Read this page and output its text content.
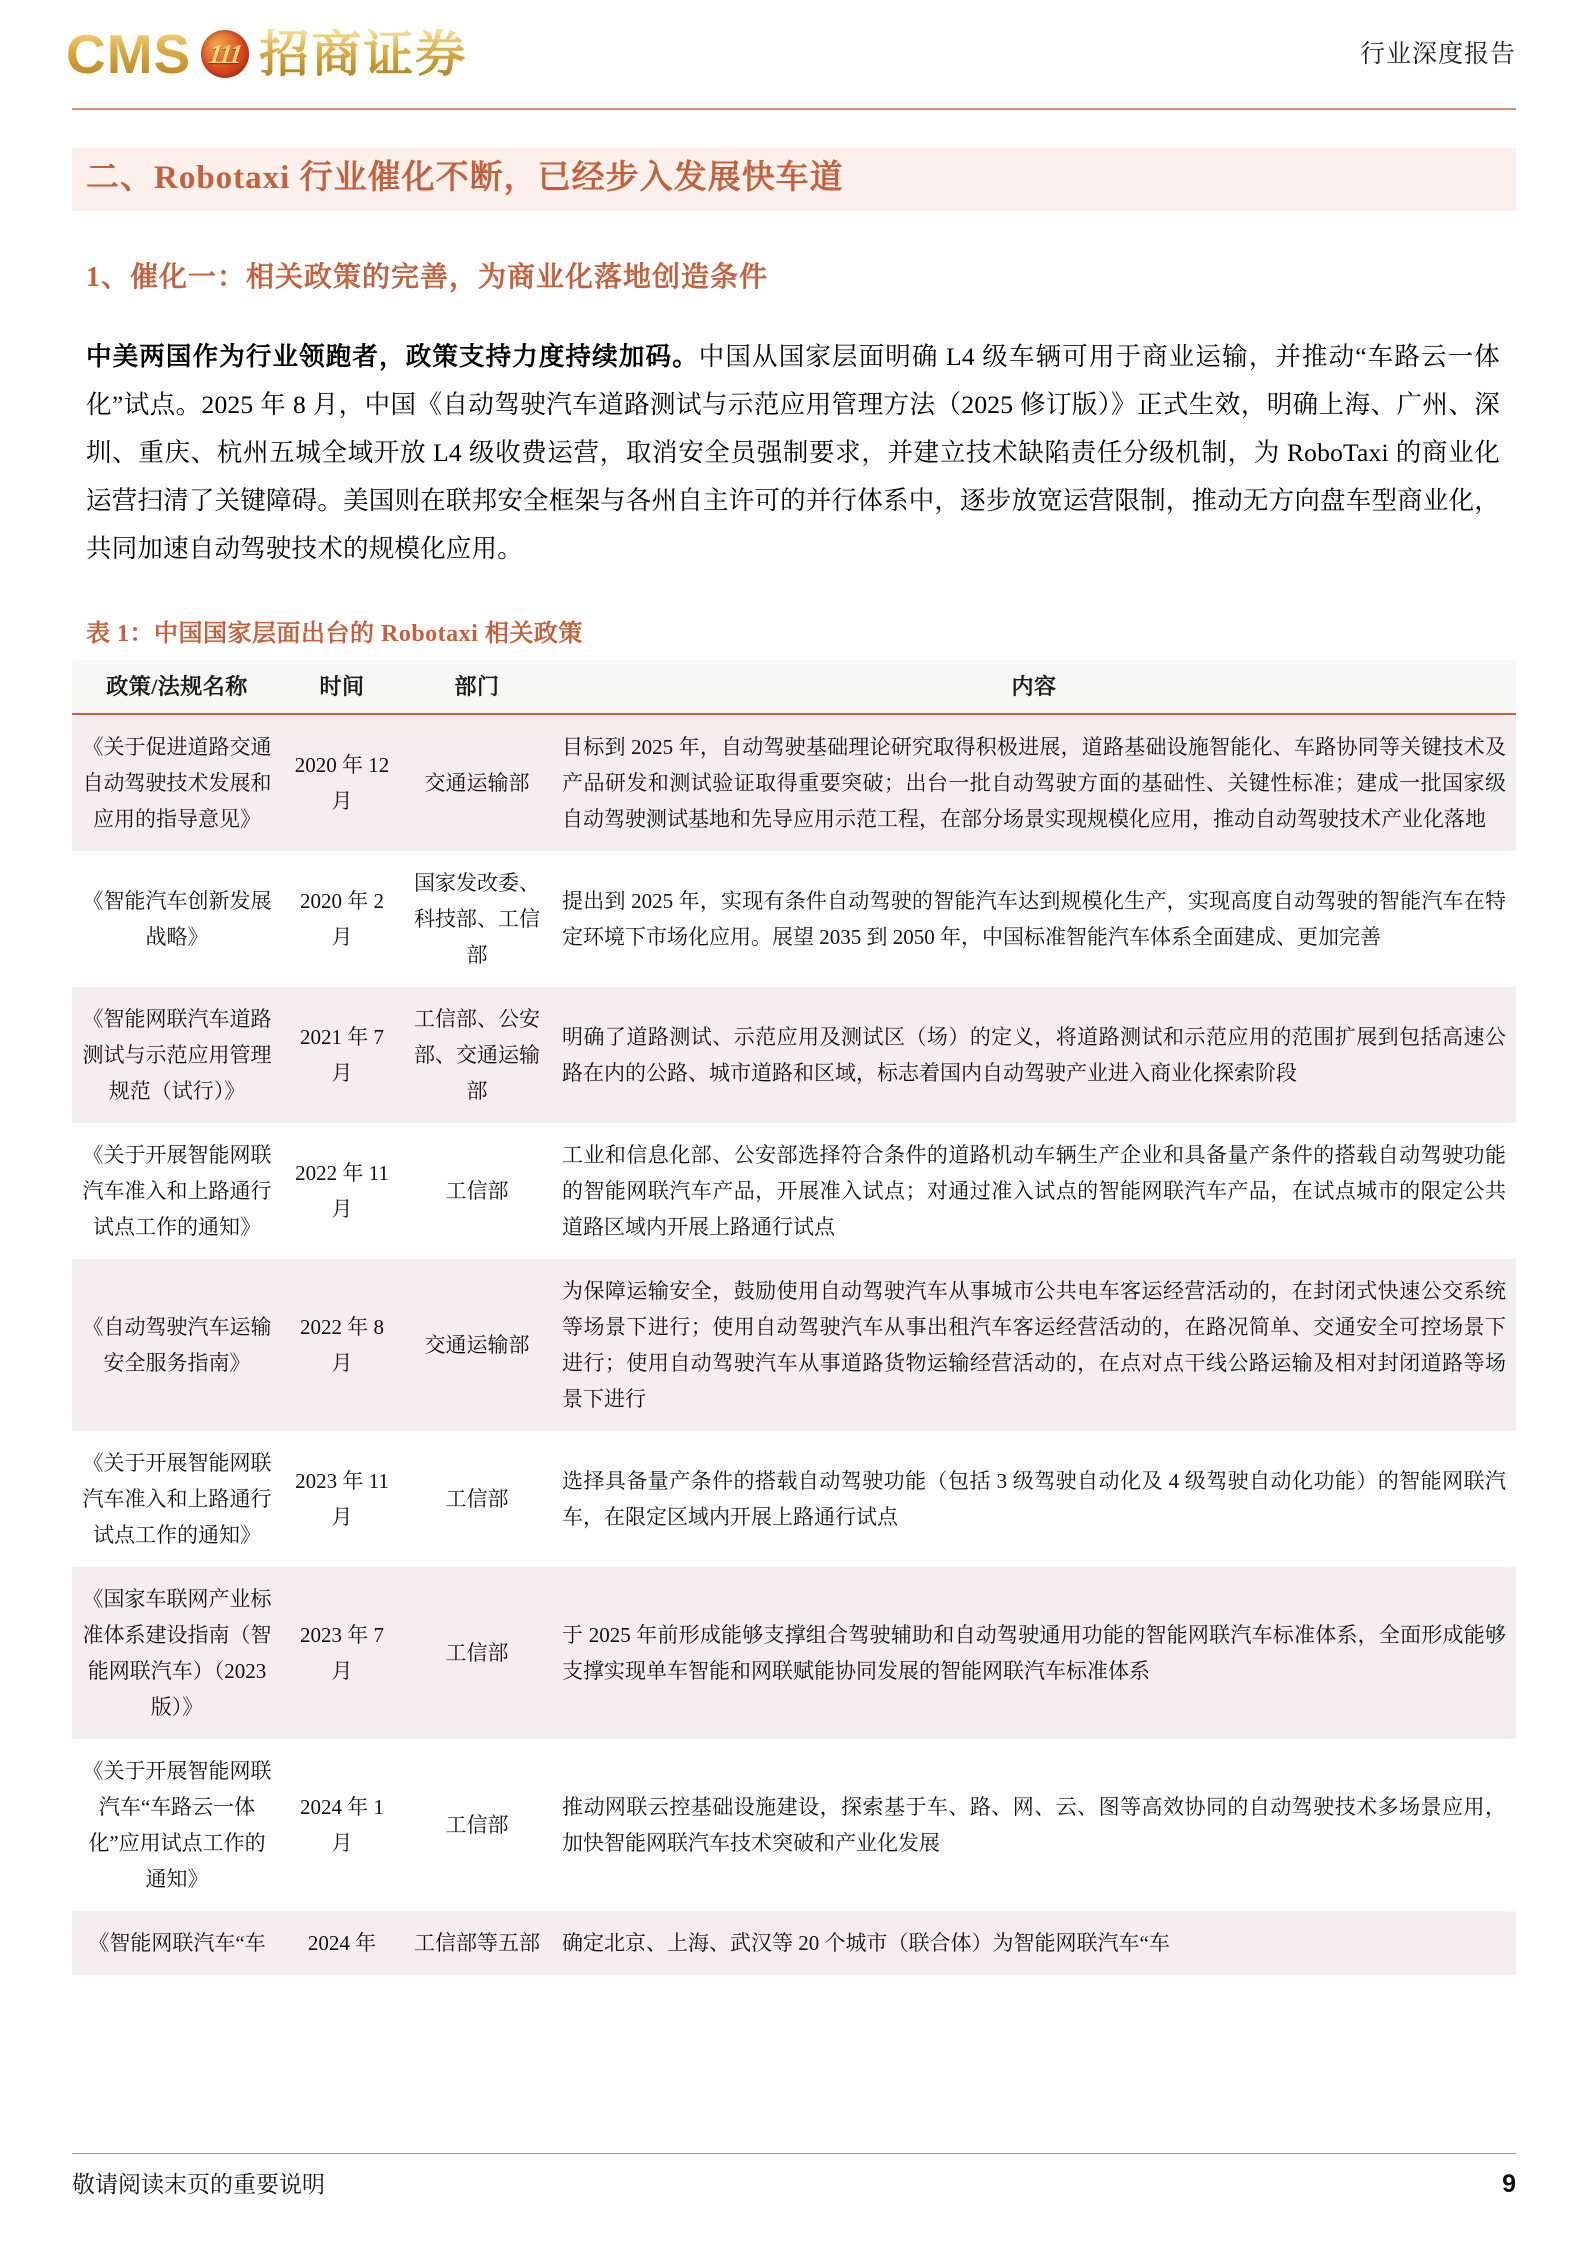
CMS 111 招商证券	行业深度报告
二、Robotaxi 行业催化不断，已经步入发展快车道
1、催化一：相关政策的完善，为商业化落地创造条件

中美两国作为行业领跑者，政策支持力度持续加码。中国从国家层面明确 L4 级车辆可用于商业运输，并推动“车路云一体化”试点。2025 年 8 月，中国《自动驾驶汽车道路测试与示范应用管理方法（2025 修订版）》正式生效，明确上海、广州、深圳、重庆、杭州五城全域开放 L4 级收费运营，取消安全员强制要求，并建立技术缺陷责任分级机制，为 RoboTaxi 的商业化运营扫清了关键障碍。美国则在联邦安全框架与各州自主许可的并行体系中，逐步放宽运营限制，推动无方向盘车型商业化，共同加速自动驾驶技术的规模化应用。

表 1：中国国家层面出台的 Robotaxi 相关政策
政策/法规名称	时间	部门	内容
《关于促进道路交通自动驾驶技术发展和应用的指导意见》	2020 年 12 月	交通运输部	目标到 2025 年，自动驾驶基础理论研究取得积极进展，道路基础设施智能化、车路协同等关键技术及产品研发和测试验证取得重要突破；出台一批自动驾驶方面的基础性、关键性标准；建成一批国家级自动驾驶测试基地和先导应用示范工程，在部分场景实现规模化应用，推动自动驾驶技术产业化落地
《智能汽车创新发展战略》	2020 年 2 月	国家发改委、科技部、工信部	提出到 2025 年，实现有条件自动驾驶的智能汽车达到规模化生产，实现高度自动驾驶的智能汽车在特定环境下市场化应用。展望 2035 到 2050 年，中国标准智能汽车体系全面建成、更加完善
《智能网联汽车道路测试与示范应用管理规范（试行）》	2021 年 7 月	工信部、公安部、交通运输部	明确了道路测试、示范应用及测试区（场）的定义，将道路测试和示范应用的范围扩展到包括高速公路在内的公路、城市道路和区域，标志着国内自动驾驶产业进入商业化探索阶段
《关于开展智能网联汽车准入和上路通行试点工作的通知》	2022 年 11 月	工信部	工业和信息化部、公安部选择符合条件的道路机动车辆生产企业和具备量产条件的搭载自动驾驶功能的智能网联汽车产品，开展准入试点；对通过准入试点的智能网联汽车产品，在试点城市的限定公共道路区域内开展上路通行试点
《自动驾驶汽车运输安全服务指南》	2022 年 8 月	交通运输部	为保障运输安全，鼓励使用自动驾驶汽车从事城市公共电车客运经营活动的，在封闭式快速公交系统等场景下进行；使用自动驾驶汽车从事出租汽车客运经营活动的，在路况简单、交通安全可控场景下进行；使用自动驾驶汽车从事道路货物运输经营活动的，在点对点干线公路运输及相对封闭道路等场景下进行
《关于开展智能网联汽车准入和上路通行试点工作的通知》	2023 年 11 月	工信部	选择具备量产条件的搭载自动驾驶功能（包括 3 级驾驶自动化及 4 级驾驶自动化功能）的智能网联汽车，在限定区域内开展上路通行试点
《国家车联网产业标准体系建设指南（智能网联汽车）（2023 版）》	2023 年 7 月	工信部	于 2025 年前形成能够支撑组合驾驶辅助和自动驾驶通用功能的智能网联汽车标准体系，全面形成能够支撑实现单车智能和网联赋能协同发展的智能网联汽车标准体系
《关于开展智能网联汽车“车路云一体化”应用试点工作的通知》	2024 年 1 月	工信部	推动网联云控基础设施建设，探索基于车、路、网、云、图等高效协同的自动驾驶技术多场景应用，加快智能网联汽车技术突破和产业化发展
《智能网联汽车“车	2024 年	工信部等五部	确定北京、上海、武汉等 20 个城市（联合体）为智能网联汽车“车
敬请阅读末页的重要说明	9
